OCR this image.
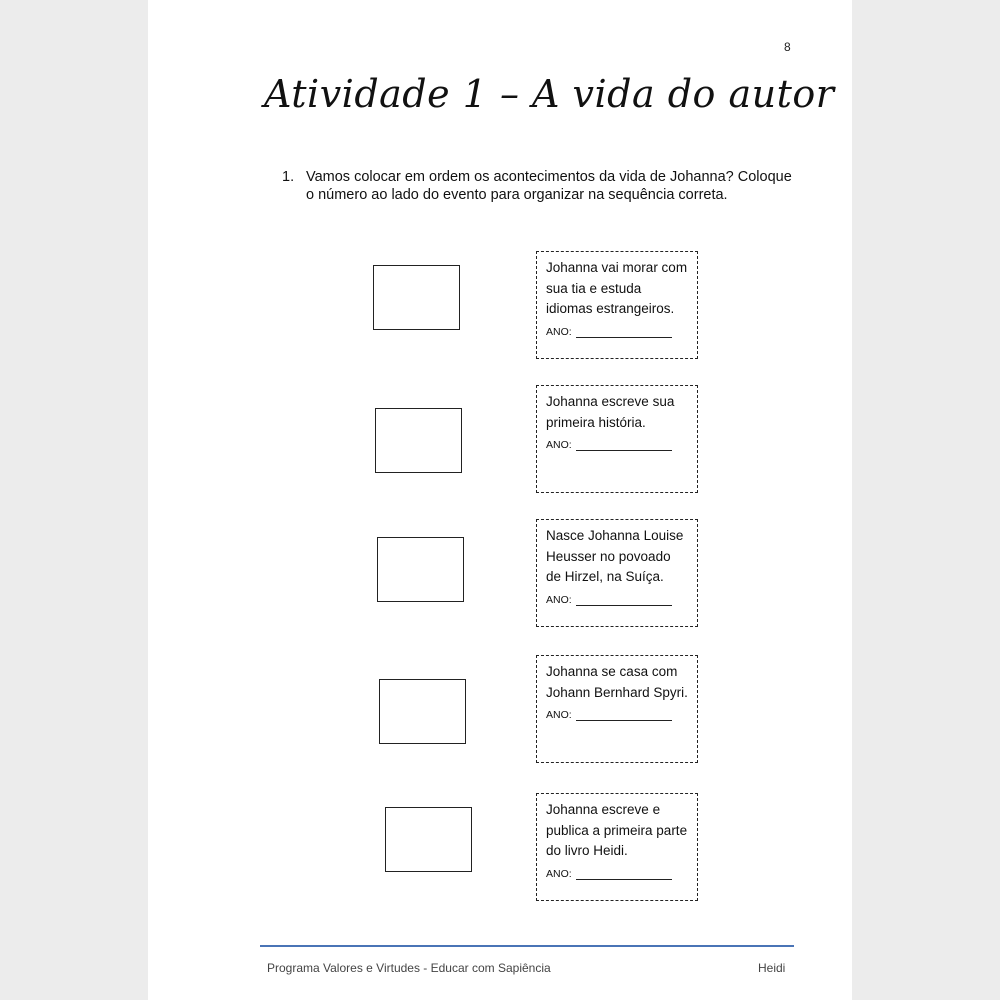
8
Atividade 1 – A vida do autor
1. Vamos colocar em ordem os acontecimentos da vida de Johanna? Coloque o número ao lado do evento para organizar na sequência correta.
Johanna vai morar com sua tia e estuda idiomas estrangeiros.
ANO:
Johanna escreve sua primeira história.
ANO:
Nasce Johanna Louise Heusser no povoado de Hirzel, na Suíça.
ANO:
Johanna se casa com Johann Bernhard Spyri.
ANO:
Johanna escreve e publica a primeira parte do livro Heidi.
ANO:
Programa Valores e Virtudes - Educar com Sapiência	Heidi
